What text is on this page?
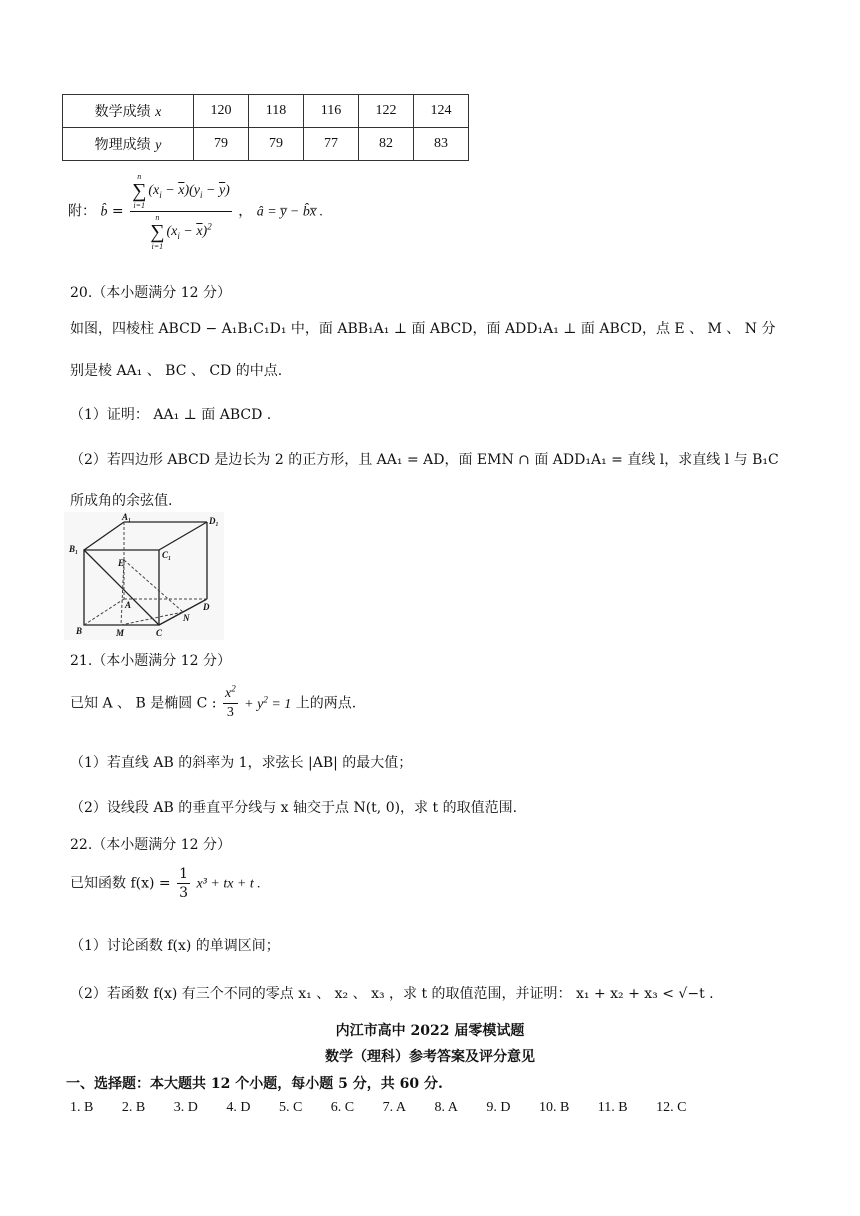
数学成绩 x	120	118	116	122	124
物理成绩 y	79	79	77	82	83
附： b̂ = n
∑
i=1
$(x_i - \overline{x})(y_i - \overline{y})$
n
∑
i=1
$(x_i - \overline{x})^2$ ， â = y̅ − b̂x̅ .
20.（本小题满分 12 分）
如图，四棱柱 ABCD − A₁B₁C₁D₁ 中，面 ABB₁A₁ ⊥ 面 ABCD，面 ADD₁A₁ ⊥ 面 ABCD，点 E 、 M 、 N 分
别是棱 AA₁ 、 BC 、 CD 的中点.
（1）证明： AA₁ ⊥ 面 ABCD .
（2）若四边形 ABCD 是边长为 2 的正方形，且 AA₁ = AD，面 EMN ∩ 面 ADD₁A₁ = 直线 l，求直线 l 与 B₁C
所成角的余弦值.
A₁	D₁
B₁
C₁
E
A	D
N
B	M	C
21.（本小题满分 12 分）
已知 A 、 B 是椭圆 C : $\frac{x^2}{3} + y^2 = 1$ 上的两点.
（1）若直线 AB 的斜率为 1，求弦长 |AB| 的最大值；
（2）设线段 AB 的垂直平分线与 x 轴交于点 N(t, 0)，求 t 的取值范围.
22.（本小题满分 12 分）
已知函数 $f(x) = \frac{1}{3} x^3$ + tx + t .
（1）讨论函数 f(x) 的单调区间；
（2）若函数 f(x) 有三个不同的零点 x₁ 、 x₂ 、 x₃ ，求 t 的取值范围，并证明： x₁ + x₂ + x₃ < √−t .
内江市高中 2022 届零模试题
数学（理科）参考答案及评分意见
一、选择题：本大题共 12 个小题，每小题 5 分，共 60 分.
1. B 2. B 3. D 4. D 5. C 6. C 7. A 8. A 9. D 10. B 11. B 12. C
